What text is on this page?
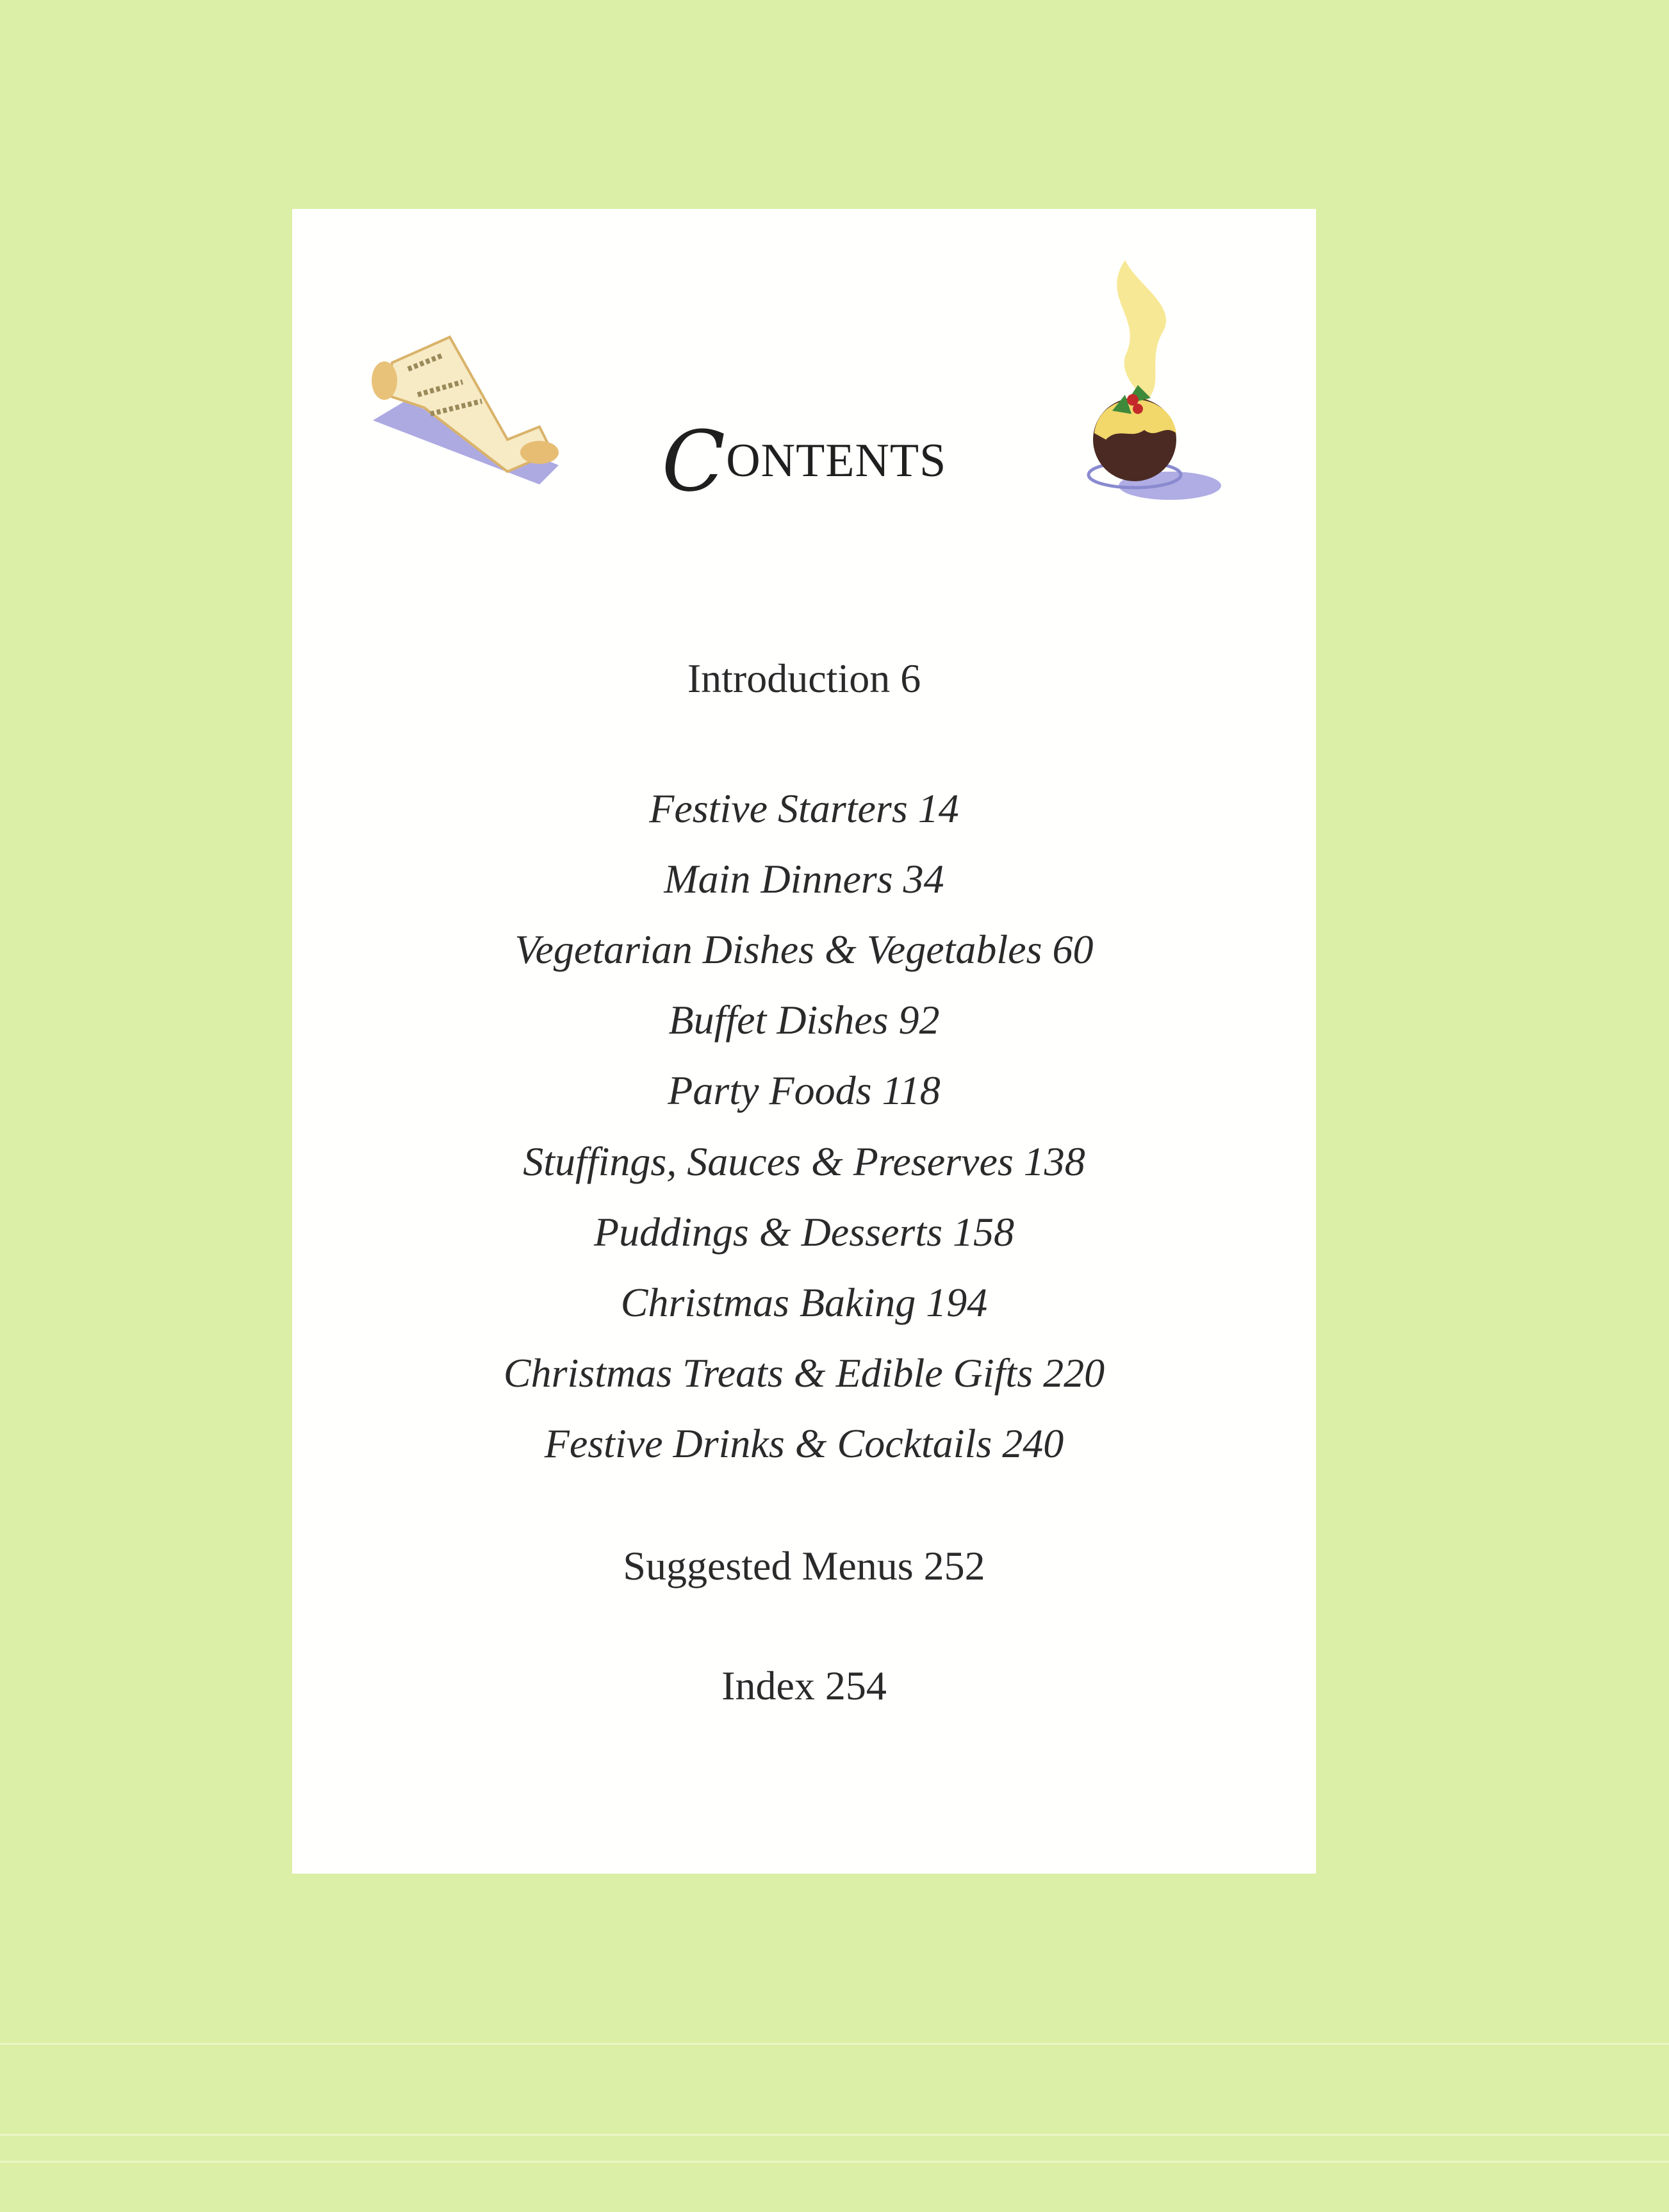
CONTENTS
Introduction 6
Festive Starters 14
Main Dinners 34
Vegetarian Dishes & Vegetables 60
Buffet Dishes 92
Party Foods 118
Stuffings, Sauces & Preserves 138
Puddings & Desserts 158
Christmas Baking 194
Christmas Treats & Edible Gifts 220
Festive Drinks & Cocktails 240
Suggested Menus 252
Index 254
